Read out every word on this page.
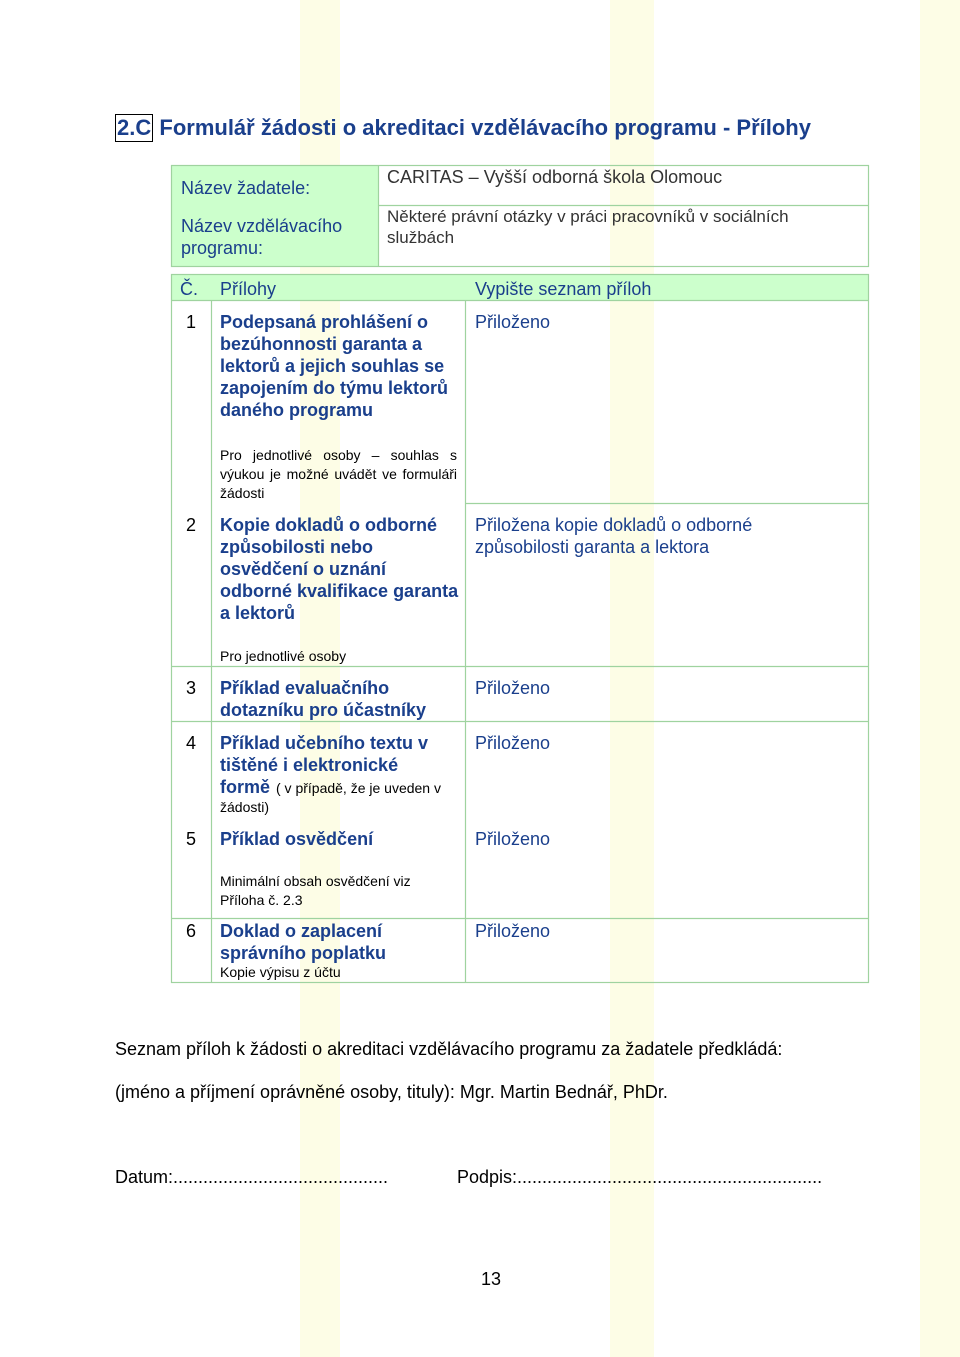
2.C Formulář žádosti o akreditaci vzdělávacího programu - Přílohy
Název žadatele:
CARITAS – Vyšší odborná škola Olomouc
Název vzdělávacího programu:
Některé právní otázky v práci pracovníků v sociálních službách
Č. Přílohy	Vypište seznam příloh
1 Podepsaná prohlášení o bezúhonnosti garanta a lektorů a jejich souhlas se zapojením do týmu lektorů daného programu
Pro jednotlivé osoby – souhlas s výukou je možné uvádět ve formuláři žádosti
Přiloženo
2 Kopie dokladů o odborné způsobilosti nebo osvědčení o uznání odborné kvalifikace garanta a lektorů
Pro jednotlivé osoby
Přiložena kopie dokladů o odborné způsobilosti garanta a lektora
3 Příklad evaluačního dotazníku pro účastníky
Přiloženo
4 Příklad učebního textu v tištěné i elektronické formě ( v případě, že je uveden v žádosti)
Přiloženo
5 Příklad osvědčení
Minimální obsah osvědčení viz Příloha č. 2.3
Přiloženo
6 Doklad o zaplacení správního poplatku
Kopie výpisu z účtu
Přiloženo
Seznam příloh k žádosti o akreditaci vzdělávacího programu za žadatele předkládá:
(jméno a příjmení oprávněné osoby, tituly): Mgr. Martin Bednář, PhDr.
Datum:...........................................	Podpis:.............................................................
13
